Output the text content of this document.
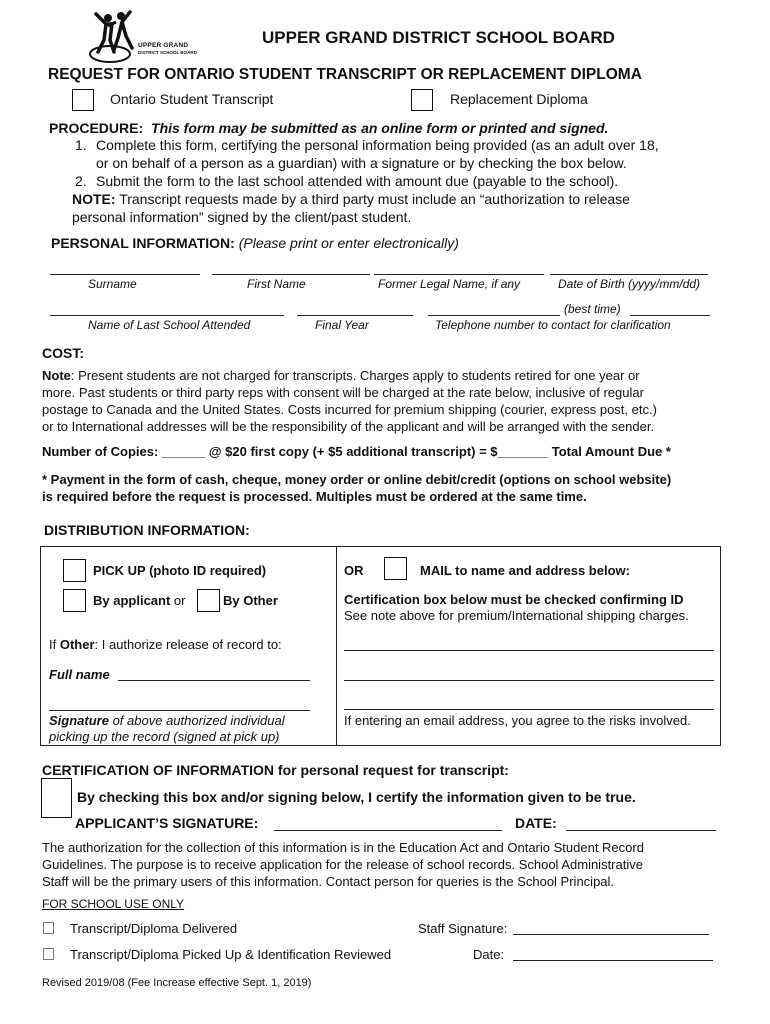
UPPER GRAND
DISTRICT SCHOOL BOARD
UPPER GRAND DISTRICT SCHOOL BOARD
REQUEST FOR ONTARIO STUDENT TRANSCRIPT OR REPLACEMENT DIPLOMA
Ontario Student Transcript	Replacement Diploma
PROCEDURE: This form may be submitted as an online form or printed and signed.
1. Complete this form, certifying the personal information being provided (as an adult over 18,
or on behalf of a person as a guardian) with a signature or by checking the box below.
2. Submit the form to the last school attended with amount due (payable to the school).
NOTE: Transcript requests made by a third party must include an “authorization to release
personal information” signed by the client/past student.
PERSONAL INFORMATION: (Please print or enter electronically)
Surname	First Name	Former Legal Name, if any	Date of Birth (yyyy/mm/dd)
(best time)
Name of Last School Attended	Final Year	Telephone number to contact for clarification
COST:
Note: Present students are not charged for transcripts. Charges apply to students retired for one year or
more. Past students or third party reps with consent will be charged at the rate below, inclusive of regular
postage to Canada and the United States. Costs incurred for premium shipping (courier, express post, etc.)
or to International addresses will be the responsibility of the applicant and will be arranged with the sender.
Number of Copies: ______ @ $20 first copy (+ $5 additional transcript) = $_______ Total Amount Due *
* Payment in the form of cash, cheque, money order or online debit/credit (options on school website)
is required before the request is processed. Multiples must be ordered at the same time.
DISTRIBUTION INFORMATION:
PICK UP (photo ID required)
By applicant or	By Other
If Other: I authorize release of record to:
Full name
Signature of above authorized individual
picking up the record (signed at pick up)
OR	MAIL to name and address below:
Certification box below must be checked confirming ID
See note above for premium/International shipping charges.
If entering an email address, you agree to the risks involved.
CERTIFICATION OF INFORMATION for personal request for transcript:
By checking this box and/or signing below, I certify the information given to be true.
APPLICANT’S SIGNATURE:	DATE:
The authorization for the collection of this information is in the Education Act and Ontario Student Record
Guidelines. The purpose is to receive application for the release of school records. School Administrative
Staff will be the primary users of this information. Contact person for queries is the School Principal.
FOR SCHOOL USE ONLY
Transcript/Diploma Delivered	Staff Signature:
Transcript/Diploma Picked Up & Identification Reviewed	Date:
Revised 2019/08 (Fee Increase effective Sept. 1, 2019)
